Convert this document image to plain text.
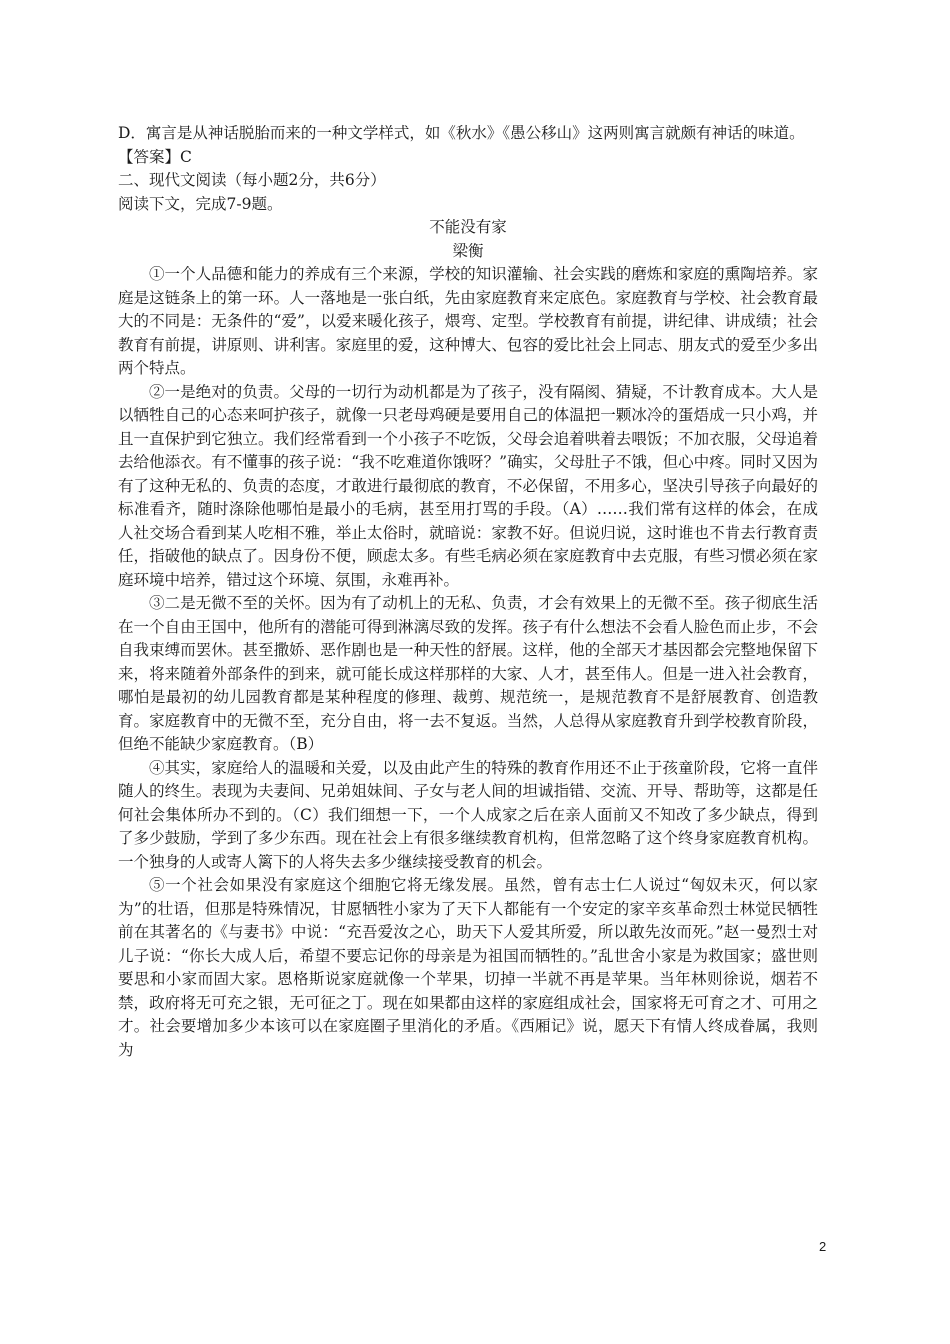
D．寓言是从神话脱胎而来的一种文学样式，如《秋水》《愚公移山》这两则寓言就颇有神话的味道。

【答案】C

二、现代文阅读（每小题2分，共6分）

阅读下文，完成7-9题。

不能没有家

梁衡

①一个人品德和能力的养成有三个来源，学校的知识灌输、社会实践的磨炼和家庭的熏陶培养。家庭是这链条上的第一环。人一落地是一张白纸，先由家庭教育来定底色。家庭教育与学校、社会教育最大的不同是：无条件的“爱”，以爱来暖化孩子，煨弯、定型。学校教育有前提，讲纪律、讲成绩；社会教育有前提，讲原则、讲利害。家庭里的爱，这种博大、包容的爱比社会上同志、朋友式的爱至少多出两个特点。

②一是绝对的负责。父母的一切行为动机都是为了孩子，没有隔阂、猜疑，不计教育成本。大人是以牺牲自己的心态来呵护孩子，就像一只老母鸡硬是要用自己的体温把一颗冰冷的蛋焐成一只小鸡，并且一直保护到它独立。我们经常看到一个小孩子不吃饭，父母会追着哄着去喂饭；不加衣服，父母追着去给他添衣。有不懂事的孩子说：“我不吃难道你饿呀？”确实，父母肚子不饿，但心中疼。同时又因为有了这种无私的、负责的态度，才敢进行最彻底的教育，不必保留，不用多心，坚决引导孩子向最好的标准看齐，随时涤除他哪怕是最小的毛病，甚至用打骂的手段。（A）……我们常有这样的体会，在成人社交场合看到某人吃相不雅，举止太俗时，就暗说：家教不好。但说归说，这时谁也不肯去行教育责任，指破他的缺点了。因身份不便，顾虑太多。有些毛病必须在家庭教育中去克服，有些习惯必须在家庭环境中培养，错过这个环境、氛围，永难再补。

③二是无微不至的关怀。因为有了动机上的无私、负责，才会有效果上的无微不至。孩子彻底生活在一个自由王国中，他所有的潜能可得到淋漓尽致的发挥。孩子有什么想法不会看人脸色而止步，不会自我束缚而罢休。甚至撒娇、恶作剧也是一种天性的舒展。这样，他的全部天才基因都会完整地保留下来，将来随着外部条件的到来，就可能长成这样那样的大家、人才，甚至伟人。但是一进入社会教育，哪怕是最初的幼儿园教育都是某种程度的修理、裁剪、规范统一，是规范教育不是舒展教育、创造教育。家庭教育中的无微不至，充分自由，将一去不复返。当然，人总得从家庭教育升到学校教育阶段，但绝不能缺少家庭教育。（B）

④其实，家庭给人的温暖和关爱，以及由此产生的特殊的教育作用还不止于孩童阶段，它将一直伴随人的终生。表现为夫妻间、兄弟姐妹间、子女与老人间的坦诚指错、交流、开导、帮助等，这都是任何社会集体所办不到的。（C）我们细想一下，一个人成家之后在亲人面前又不知改了多少缺点，得到了多少鼓励，学到了多少东西。现在社会上有很多继续教育机构，但常忽略了这个终身家庭教育机构。一个独身的人或寄人篱下的人将失去多少继续接受教育的机会。

⑤一个社会如果没有家庭这个细胞它将无缘发展。虽然，曾有志士仁人说过“匈奴未灭，何以家为”的壮语，但那是特殊情况，甘愿牺牲小家为了天下人都能有一个安定的家辛亥革命烈士林觉民牺牲前在其著名的《与妻书》中说：“充吾爱汝之心，助天下人爱其所爱，所以敢先汝而死。”赵一曼烈士对儿子说：“你长大成人后，希望不要忘记你的母亲是为祖国而牺牲的。”乱世舍小家是为救国家；盛世则要思和小家而固大家。恩格斯说家庭就像一个苹果，切掉一半就不再是苹果。当年林则徐说，烟若不禁，政府将无可充之银，无可征之丁。现在如果都由这样的家庭组成社会，国家将无可育之才、可用之才。社会要增加多少本该可以在家庭圈子里消化的矛盾。《西厢记》说，愿天下有情人终成眷属，我则为

2
